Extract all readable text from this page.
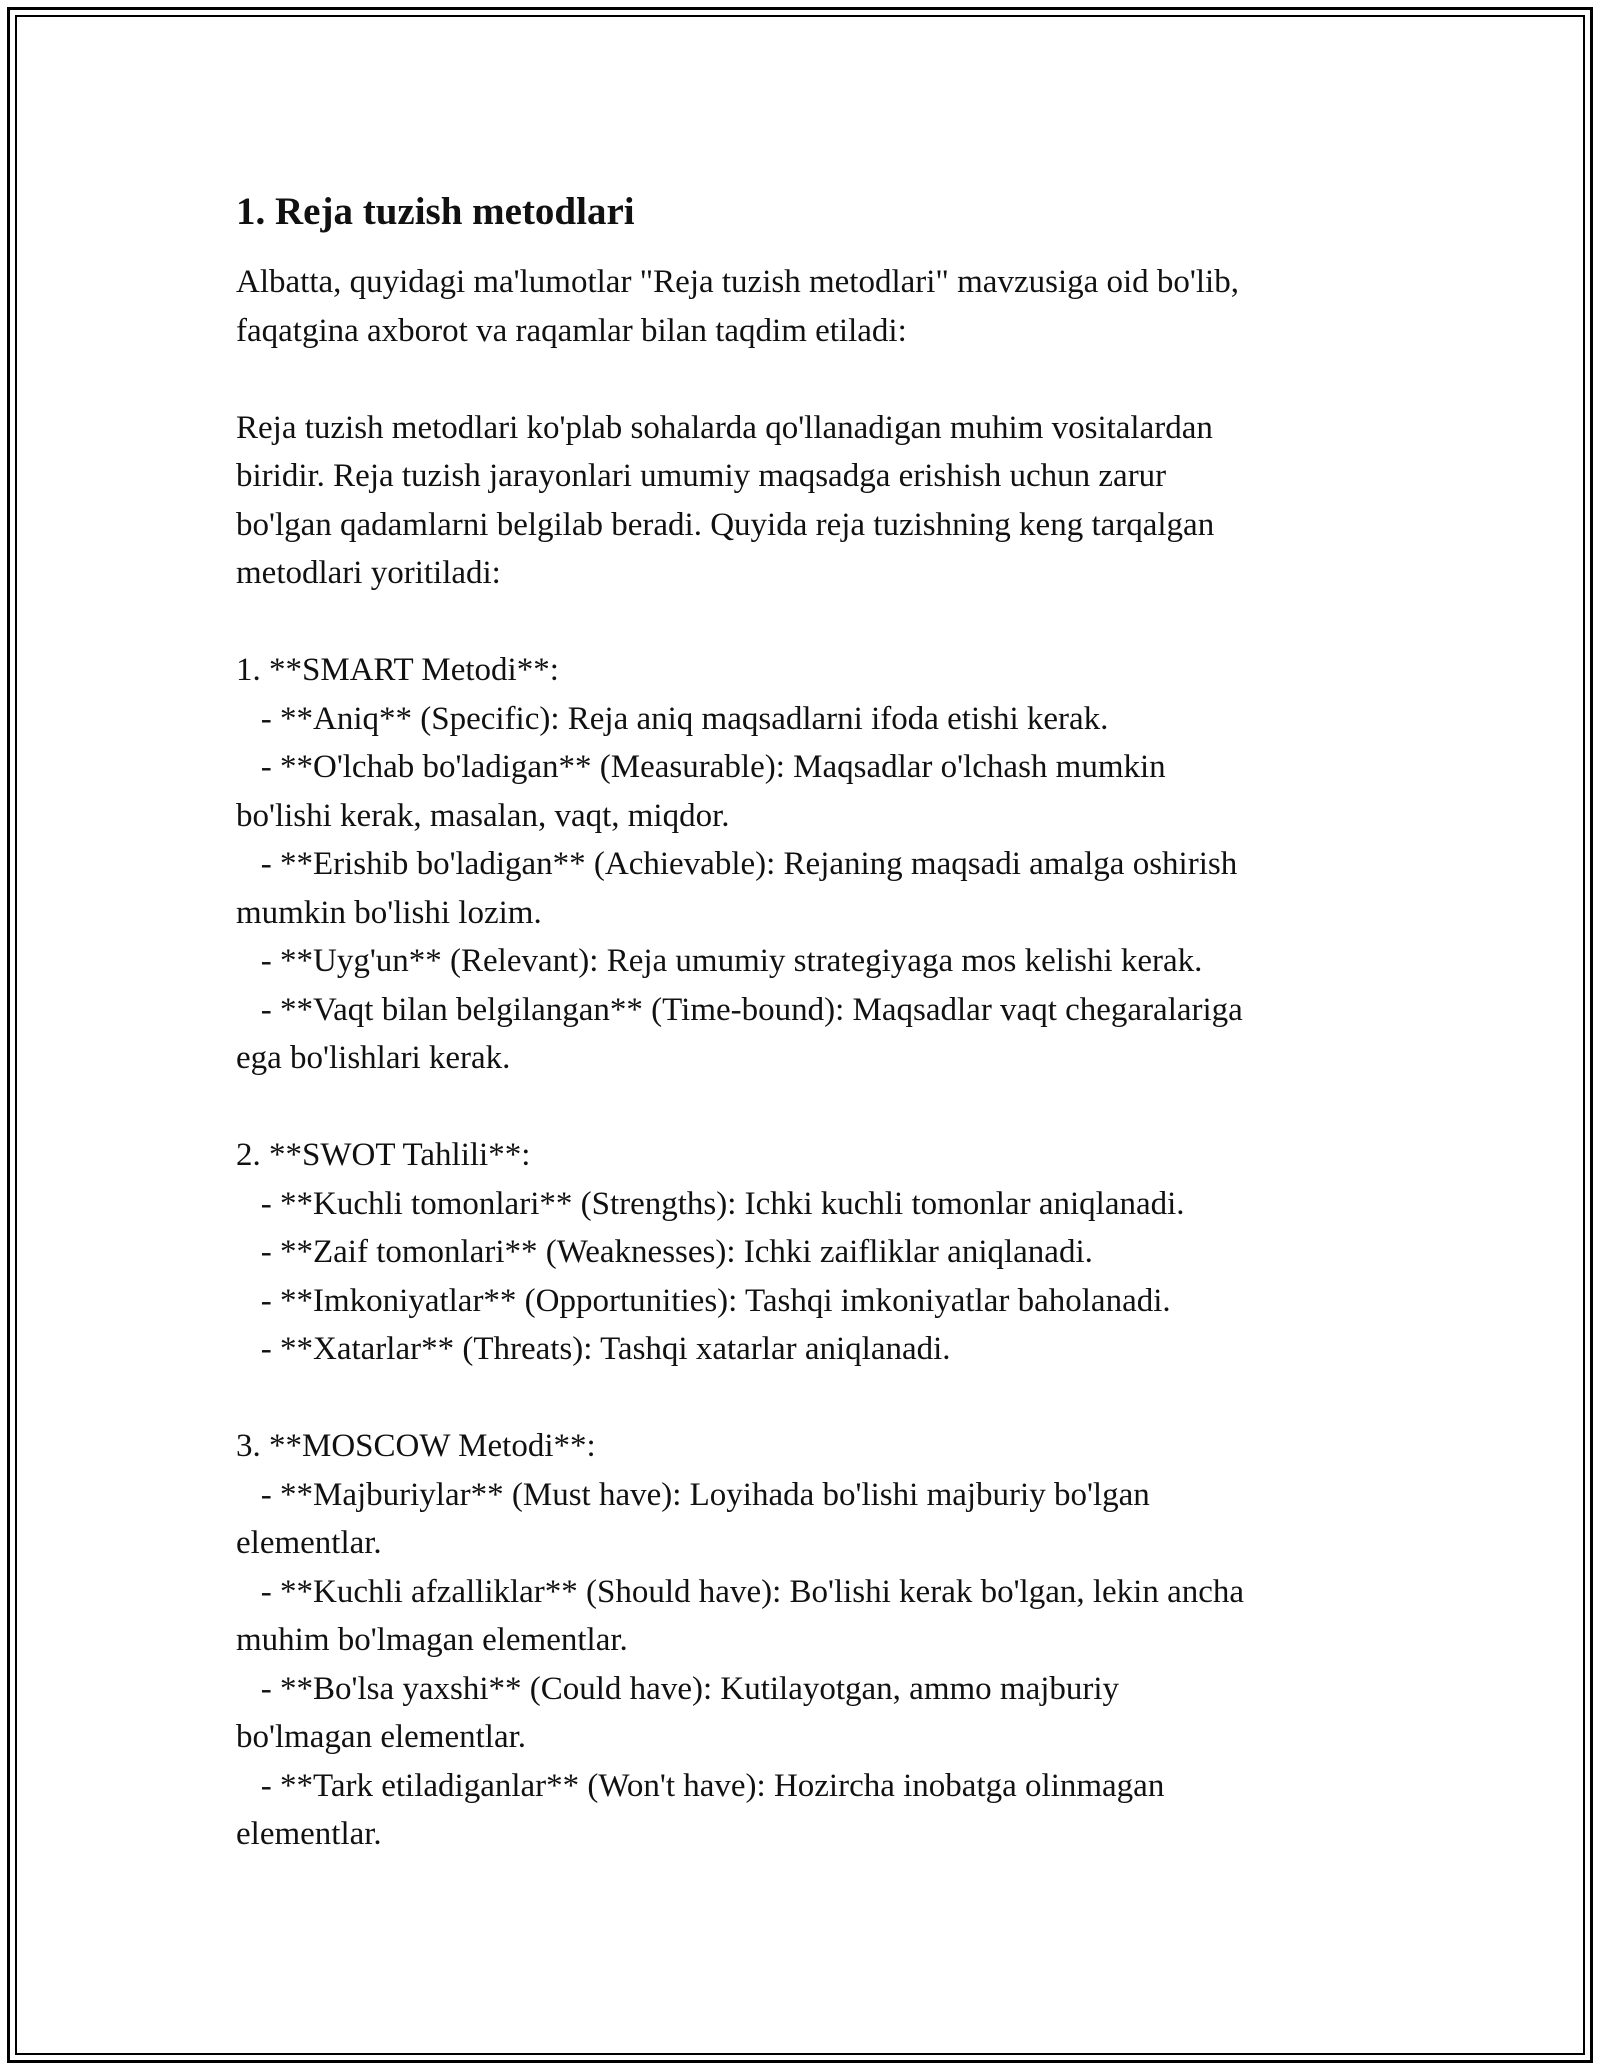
1. Reja tuzish metodlari

Albatta, quyidagi ma'lumotlar "Reja tuzish metodlari" mavzusiga oid bo'lib,

faqatgina axborot va raqamlar bilan taqdim etiladi:

Reja tuzish metodlari ko'plab sohalarda qo'llanadigan muhim vositalardan

biridir. Reja tuzish jarayonlari umumiy maqsadga erishish uchun zarur

bo'lgan qadamlarni belgilab beradi. Quyida reja tuzishning keng tarqalgan

metodlari yoritiladi:

1. **SMART Metodi**:

- **Aniq** (Specific): Reja aniq maqsadlarni ifoda etishi kerak.

- **O'lchab bo'ladigan** (Measurable): Maqsadlar o'lchash mumkin

bo'lishi kerak, masalan, vaqt, miqdor.

- **Erishib bo'ladigan** (Achievable): Rejaning maqsadi amalga oshirish

mumkin bo'lishi lozim.

- **Uyg'un** (Relevant): Reja umumiy strategiyaga mos kelishi kerak.

- **Vaqt bilan belgilangan** (Time-bound): Maqsadlar vaqt chegaralariga

ega bo'lishlari kerak.

2. **SWOT Tahlili**:

- **Kuchli tomonlari** (Strengths): Ichki kuchli tomonlar aniqlanadi.

- **Zaif tomonlari** (Weaknesses): Ichki zaifliklar aniqlanadi.

- **Imkoniyatlar** (Opportunities): Tashqi imkoniyatlar baholanadi.

- **Xatarlar** (Threats): Tashqi xatarlar aniqlanadi.

3. **MOSCOW Metodi**:

- **Majburiylar** (Must have): Loyihada bo'lishi majburiy bo'lgan

elementlar.

- **Kuchli afzalliklar** (Should have): Bo'lishi kerak bo'lgan, lekin ancha

muhim bo'lmagan elementlar.

- **Bo'lsa yaxshi** (Could have): Kutilayotgan, ammo majburiy

bo'lmagan elementlar.

- **Tark etiladiganlar** (Won't have): Hozircha inobatga olinmagan

elementlar.
